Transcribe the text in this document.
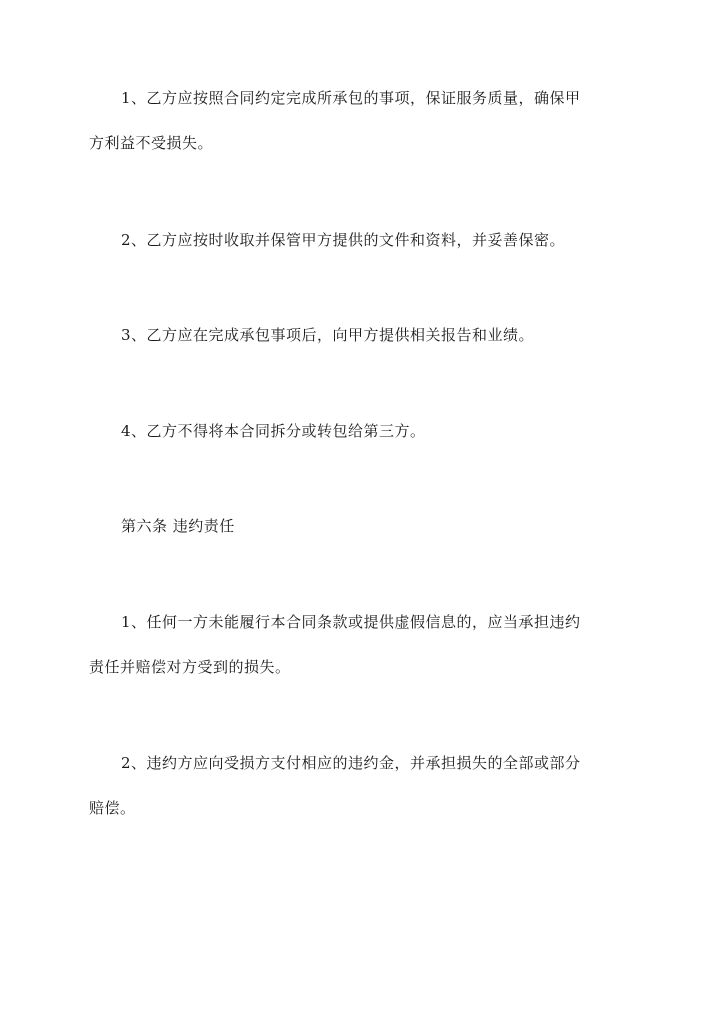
1、乙方应按照合同约定完成所承包的事项，保证服务质量，确保甲
方利益不受损失。
2、乙方应按时收取并保管甲方提供的文件和资料，并妥善保密。
3、乙方应在完成承包事项后，向甲方提供相关报告和业绩。
4、乙方不得将本合同拆分或转包给第三方。
第六条 违约责任
1、任何一方未能履行本合同条款或提供虚假信息的，应当承担违约
责任并赔偿对方受到的损失。
2、违约方应向受损方支付相应的违约金，并承担损失的全部或部分
赔偿。
